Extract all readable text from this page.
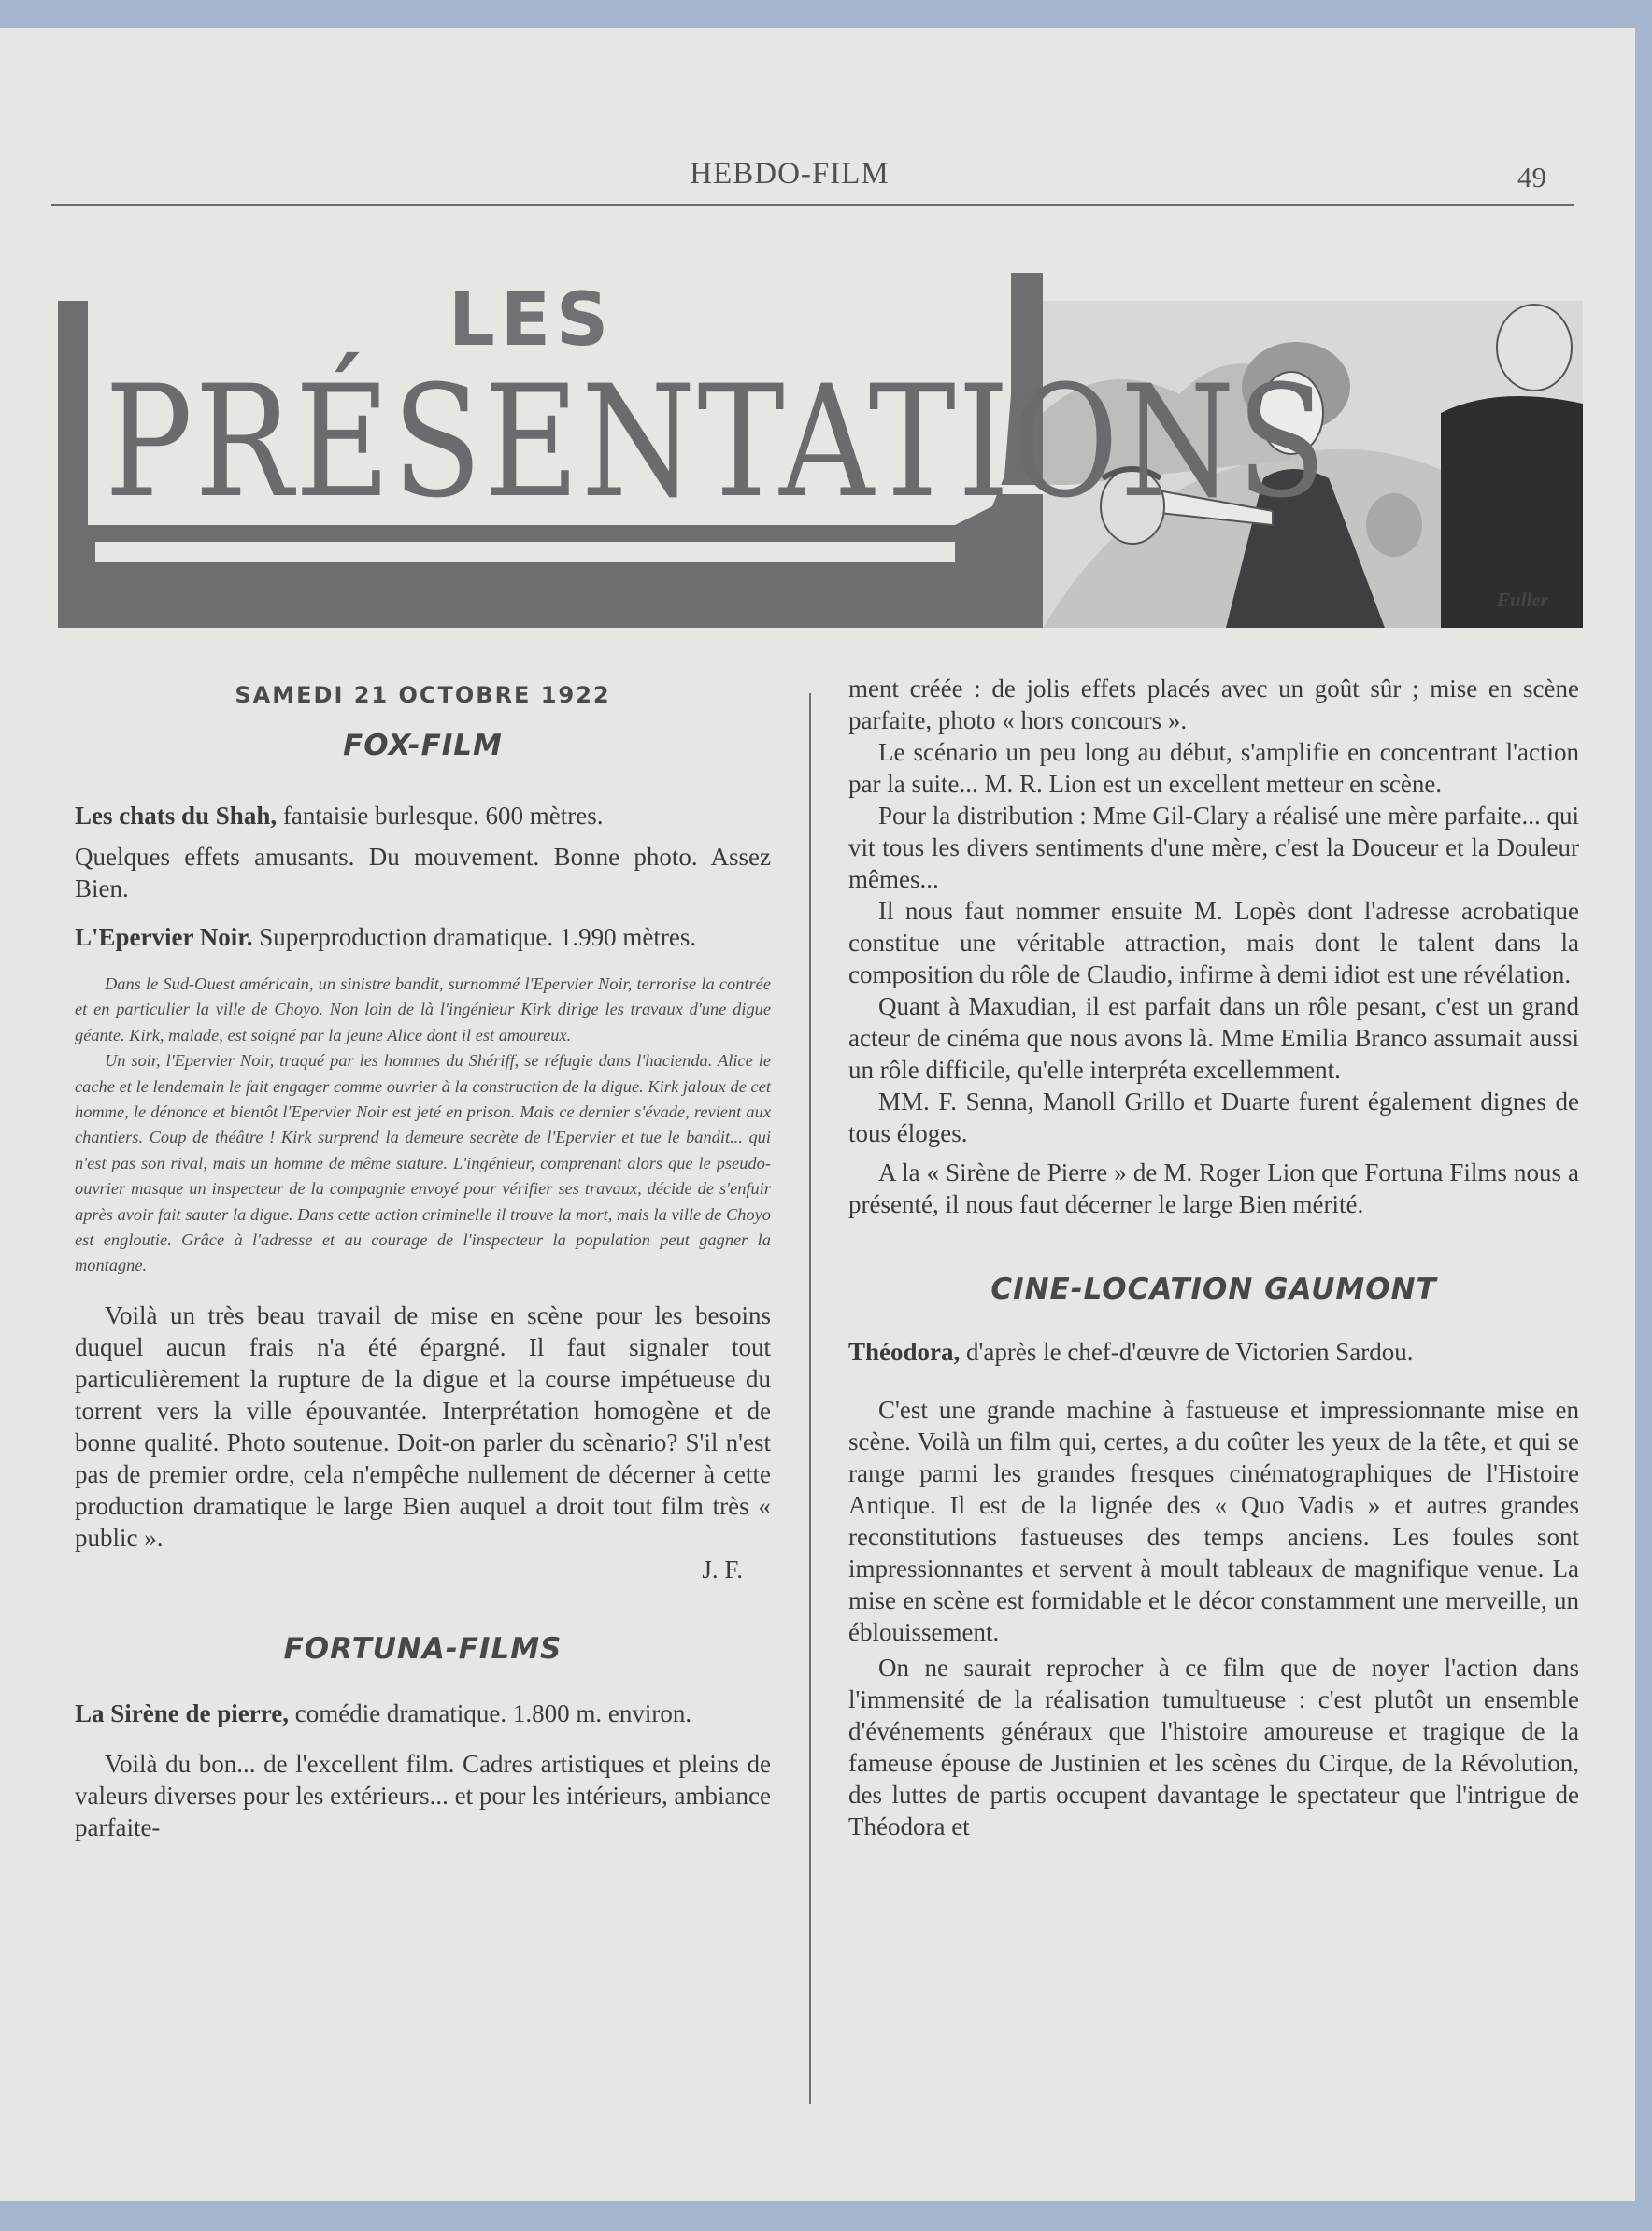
HEBDO-FILM	49
LES
PRÉSENTATIONS
Fuller
SAMEDI 21 OCTOBRE 1922
FOX-FILM

Les chats du Shah, fantaisie burlesque. 600 mètres.

Quelques effets amusants. Du mouvement. Bonne photo. Assez Bien.

L'Epervier Noir. Superproduction dramatique. 1.990 mètres.

Dans le Sud-Ouest américain, un sinistre bandit, surnommé l'Epervier Noir, terrorise la contrée et en particulier la ville de Choyo. Non loin de là l'ingénieur Kirk dirige les travaux d'une digue géante. Kirk, malade, est soigné par la jeune Alice dont il est amoureux.

Un soir, l'Epervier Noir, traqué par les hommes du Shériff, se réfugie dans l'hacienda. Alice le cache et le lendemain le fait engager comme ouvrier à la construction de la digue. Kirk jaloux de cet homme, le dénonce et bientôt l'Epervier Noir est jeté en prison. Mais ce dernier s'évade, revient aux chantiers. Coup de théâtre ! Kirk surprend la demeure secrète de l'Epervier et tue le bandit... qui n'est pas son rival, mais un homme de même stature. L'ingénieur, comprenant alors que le pseudo-ouvrier masque un inspecteur de la compagnie envoyé pour vérifier ses travaux, décide de s'enfuir après avoir fait sauter la digue. Dans cette action criminelle il trouve la mort, mais la ville de Choyo est engloutie. Grâce à l'adresse et au courage de l'inspecteur la population peut gagner la montagne.

Voilà un très beau travail de mise en scène pour les besoins duquel aucun frais n'a été épargné. Il faut signaler tout particulièrement la rupture de la digue et la course impétueuse du torrent vers la ville épouvantée. Interprétation homogène et de bonne qualité. Photo soutenue. Doit-on parler du scènario? S'il n'est pas de premier ordre, cela n'empêche nullement de décerner à cette production dramatique le large Bien auquel a droit tout film très « public ».

J. F.

FORTUNA-FILMS

La Sirène de pierre, comédie dramatique. 1.800 m. environ.

Voilà du bon... de l'excellent film. Cadres artistiques et pleins de valeurs diverses pour les extérieurs... et pour les intérieurs, ambiance parfaite-

ment créée : de jolis effets placés avec un goût sûr ; mise en scène parfaite, photo « hors concours ».

Le scénario un peu long au début, s'amplifie en concentrant l'action par la suite... M. R. Lion est un excellent metteur en scène.

Pour la distribution : Mme Gil-Clary a réalisé une mère parfaite... qui vit tous les divers sentiments d'une mère, c'est la Douceur et la Douleur mêmes...

Il nous faut nommer ensuite M. Lopès dont l'adresse acrobatique constitue une véritable attraction, mais dont le talent dans la composition du rôle de Claudio, infirme à demi idiot est une révélation.

Quant à Maxudian, il est parfait dans un rôle pesant, c'est un grand acteur de cinéma que nous avons là. Mme Emilia Branco assumait aussi un rôle difficile, qu'elle interpréta excellemment.

MM. F. Senna, Manoll Grillo et Duarte furent également dignes de tous éloges.

A la « Sirène de Pierre » de M. Roger Lion que Fortuna Films nous a présenté, il nous faut décerner le large Bien mérité.

CINE-LOCATION GAUMONT

Théodora, d'après le chef-d'œuvre de Victorien Sardou.

C'est une grande machine à fastueuse et impressionnante mise en scène. Voilà un film qui, certes, a du coûter les yeux de la tête, et qui se range parmi les grandes fresques cinématographiques de l'Histoire Antique. Il est de la lignée des « Quo Vadis » et autres grandes reconstitutions fastueuses des temps anciens. Les foules sont impressionnantes et servent à moult tableaux de magnifique venue. La mise en scène est formidable et le décor constamment une merveille, un éblouissement.

On ne saurait reprocher à ce film que de noyer l'action dans l'immensité de la réalisation tumultueuse : c'est plutôt un ensemble d'événements généraux que l'histoire amoureuse et tragique de la fameuse épouse de Justinien et les scènes du Cirque, de la Révolution, des luttes de partis occupent davantage le spectateur que l'intrigue de Théodora et
